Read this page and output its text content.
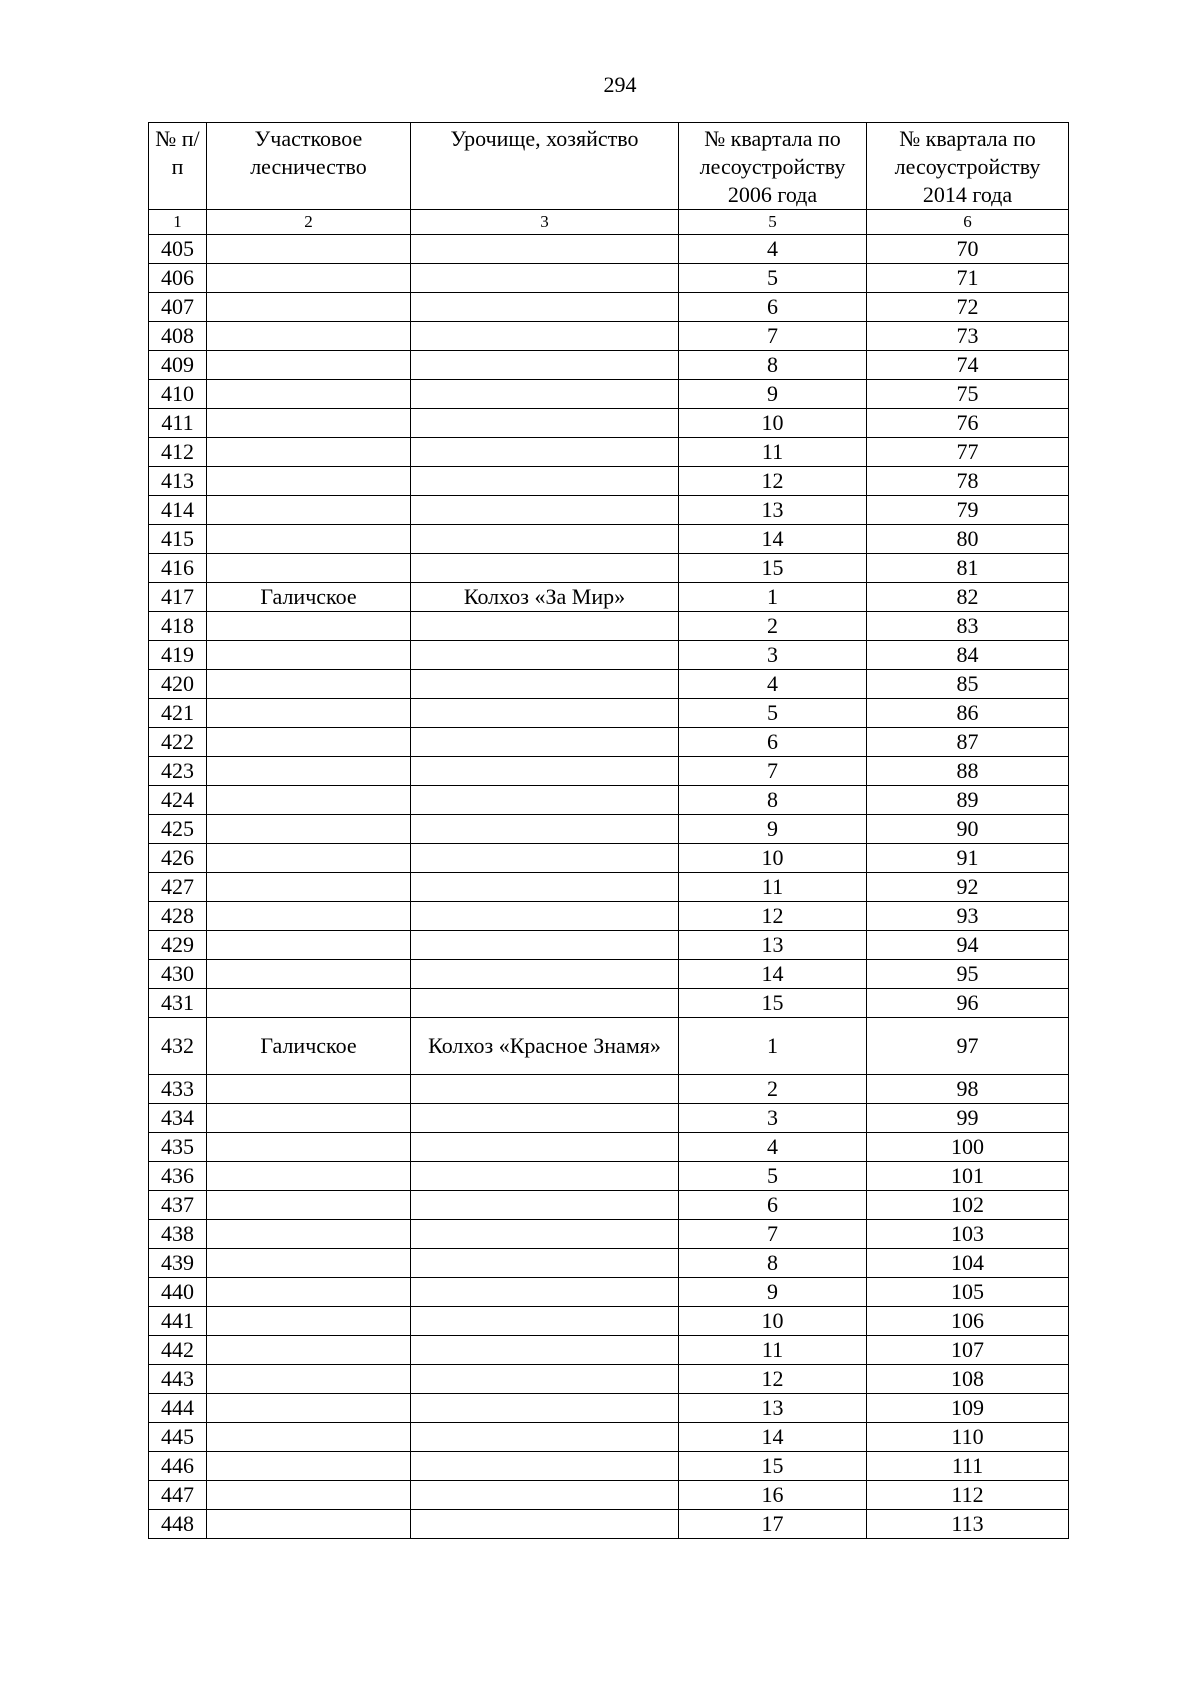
294
№ п/п	Участковое лесничество	Урочище, хозяйство	№ квартала по лесоустройству 2006 года	№ квартала по лесоустройству 2014 года
1	2	3	5	6
405			4	70
406			5	71
407			6	72
408			7	73
409			8	74
410			9	75
411			10	76
412			11	77
413			12	78
414			13	79
415			14	80
416			15	81
417	Галичское	Колхоз «За Мир»	1	82
418			2	83
419			3	84
420			4	85
421			5	86
422			6	87
423			7	88
424			8	89
425			9	90
426			10	91
427			11	92
428			12	93
429			13	94
430			14	95
431			15	96
432	Галичское	Колхоз «Красное Знамя»	1	97
433			2	98
434			3	99
435			4	100
436			5	101
437			6	102
438			7	103
439			8	104
440			9	105
441			10	106
442			11	107
443			12	108
444			13	109
445			14	110
446			15	111
447			16	112
448			17	113
